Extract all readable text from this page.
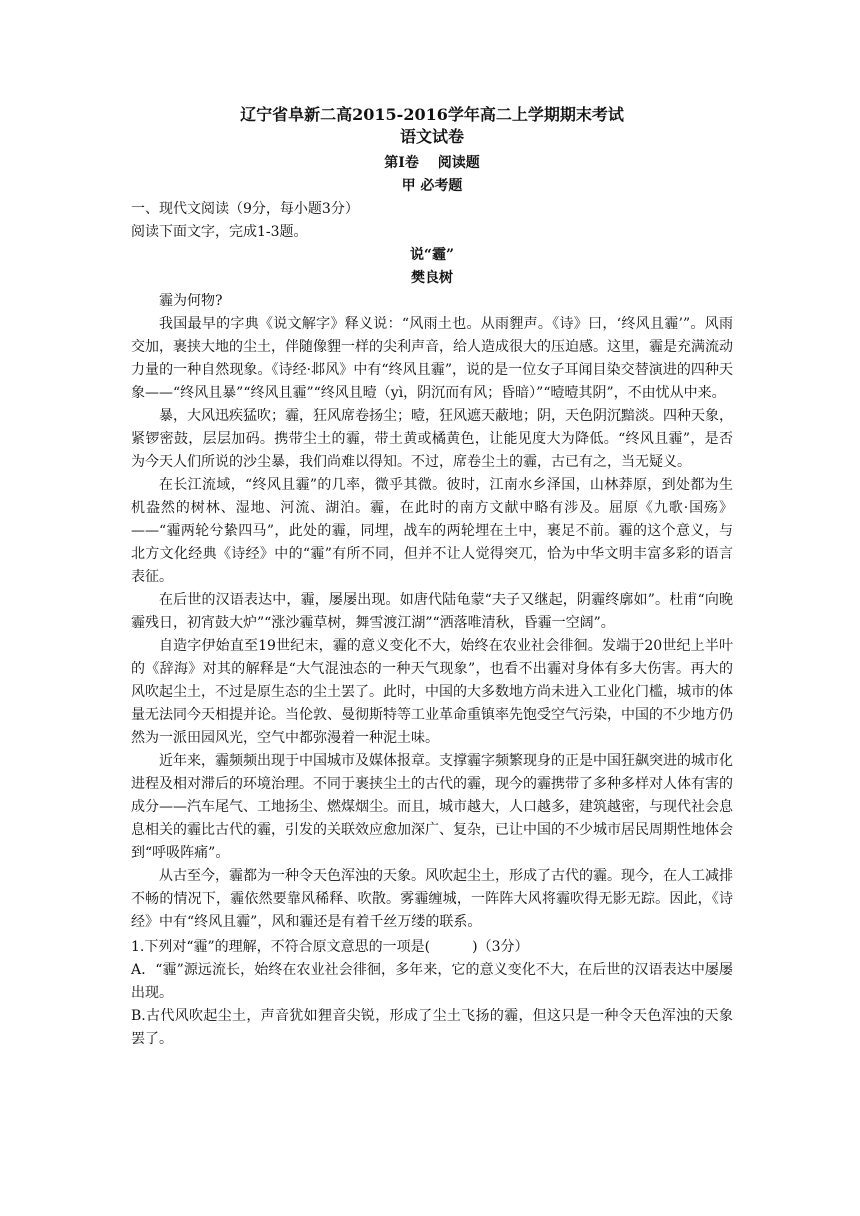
辽宁省阜新二高2015-2016学年高二上学期期末考试

语文试卷

第Ⅰ卷　 阅读题

甲 必考题

一、现代文阅读（9分，每小题3分）

阅读下面文字，完成1-3题。

说“霾”

樊良树

霾为何物?

我国最早的字典《说文解字》释义说：“风雨土也。从雨貍声。《诗》曰，‘终风且霾’”。风雨交加，裹挟大地的尘土，伴随像貍一样的尖利声音，给人造成很大的压迫感。这里，霾是充满流动力量的一种自然现象。《诗经·邶风》中有“终风且霾”，说的是一位女子耳闻目染交替演进的四种天象——“终风且暴”“终风且霾”“终风且曀（yì，阴沉而有风；昏暗）”“曀曀其阴”，不由忧从中来。

暴，大风迅疾猛吹；霾，狂风席卷扬尘；曀，狂风遮天蔽地；阴，天色阴沉黯淡。四种天象，紧锣密鼓，层层加码。携带尘土的霾，带土黄或橘黄色，让能见度大为降低。“终风且霾”，是否为今天人们所说的沙尘暴，我们尚难以得知。不过，席卷尘土的霾，古已有之，当无疑义。

在长江流域，“终风且霾”的几率，微乎其微。彼时，江南水乡泽国，山林莽原，到处都为生机盎然的树林、湿地、河流、湖泊。霾，在此时的南方文献中略有涉及。屈原《九歌·国殇》——“霾两轮兮絷四马”，此处的霾，同埋，战车的两轮埋在土中，裹足不前。霾的这个意义，与北方文化经典《诗经》中的“霾”有所不同，但并不让人觉得突兀，恰为中华文明丰富多彩的语言表征。

在后世的汉语表达中，霾，屡屡出现。如唐代陆龟蒙“夫子又继起，阴霾终廓如”。杜甫“向晚霾残日，初宵鼓大炉”“涨沙霾草树，舞雪渡江湖”“洒落唯清秋，昏霾一空阔”。

自造字伊始直至19世纪末，霾的意义变化不大，始终在农业社会徘徊。发端于20世纪上半叶的《辞海》对其的解释是“大气混浊态的一种天气现象”，也看不出霾对身体有多大伤害。再大的风吹起尘土，不过是原生态的尘土罢了。此时，中国的大多数地方尚未进入工业化门槛，城市的体量无法同今天相提并论。当伦敦、曼彻斯特等工业革命重镇率先饱受空气污染，中国的不少地方仍然为一派田园风光，空气中都弥漫着一种泥土味。

近年来，霾频频出现于中国城市及媒体报章。支撑霾字频繁现身的正是中国狂飙突进的城市化进程及相对滞后的环境治理。不同于裹挟尘土的古代的霾，现今的霾携带了多种多样对人体有害的成分——汽车尾气、工地扬尘、燃煤烟尘。而且，城市越大，人口越多，建筑越密，与现代社会息息相关的霾比古代的霾，引发的关联效应愈加深广、复杂，已让中国的不少城市居民周期性地体会到“呼吸阵痛”。

从古至今，霾都为一种令天色浑浊的天象。风吹起尘土，形成了古代的霾。现今，在人工减排不畅的情况下，霾依然要靠风稀释、吹散。雾霾缠城，一阵阵大风将霾吹得无影无踪。因此，《诗经》中有“终风且霾”，风和霾还是有着千丝万缕的联系。

1.下列对“霾”的理解，不符合原文意思的一项是(　　　)（3分）

A．“霾”源远流长，始终在农业社会徘徊，多年来，它的意义变化不大，在后世的汉语表达中屡屡出现。

B.古代风吹起尘土，声音犹如狸音尖锐，形成了尘土飞扬的霾，但这只是一种令天色浑浊的天象罢了。
